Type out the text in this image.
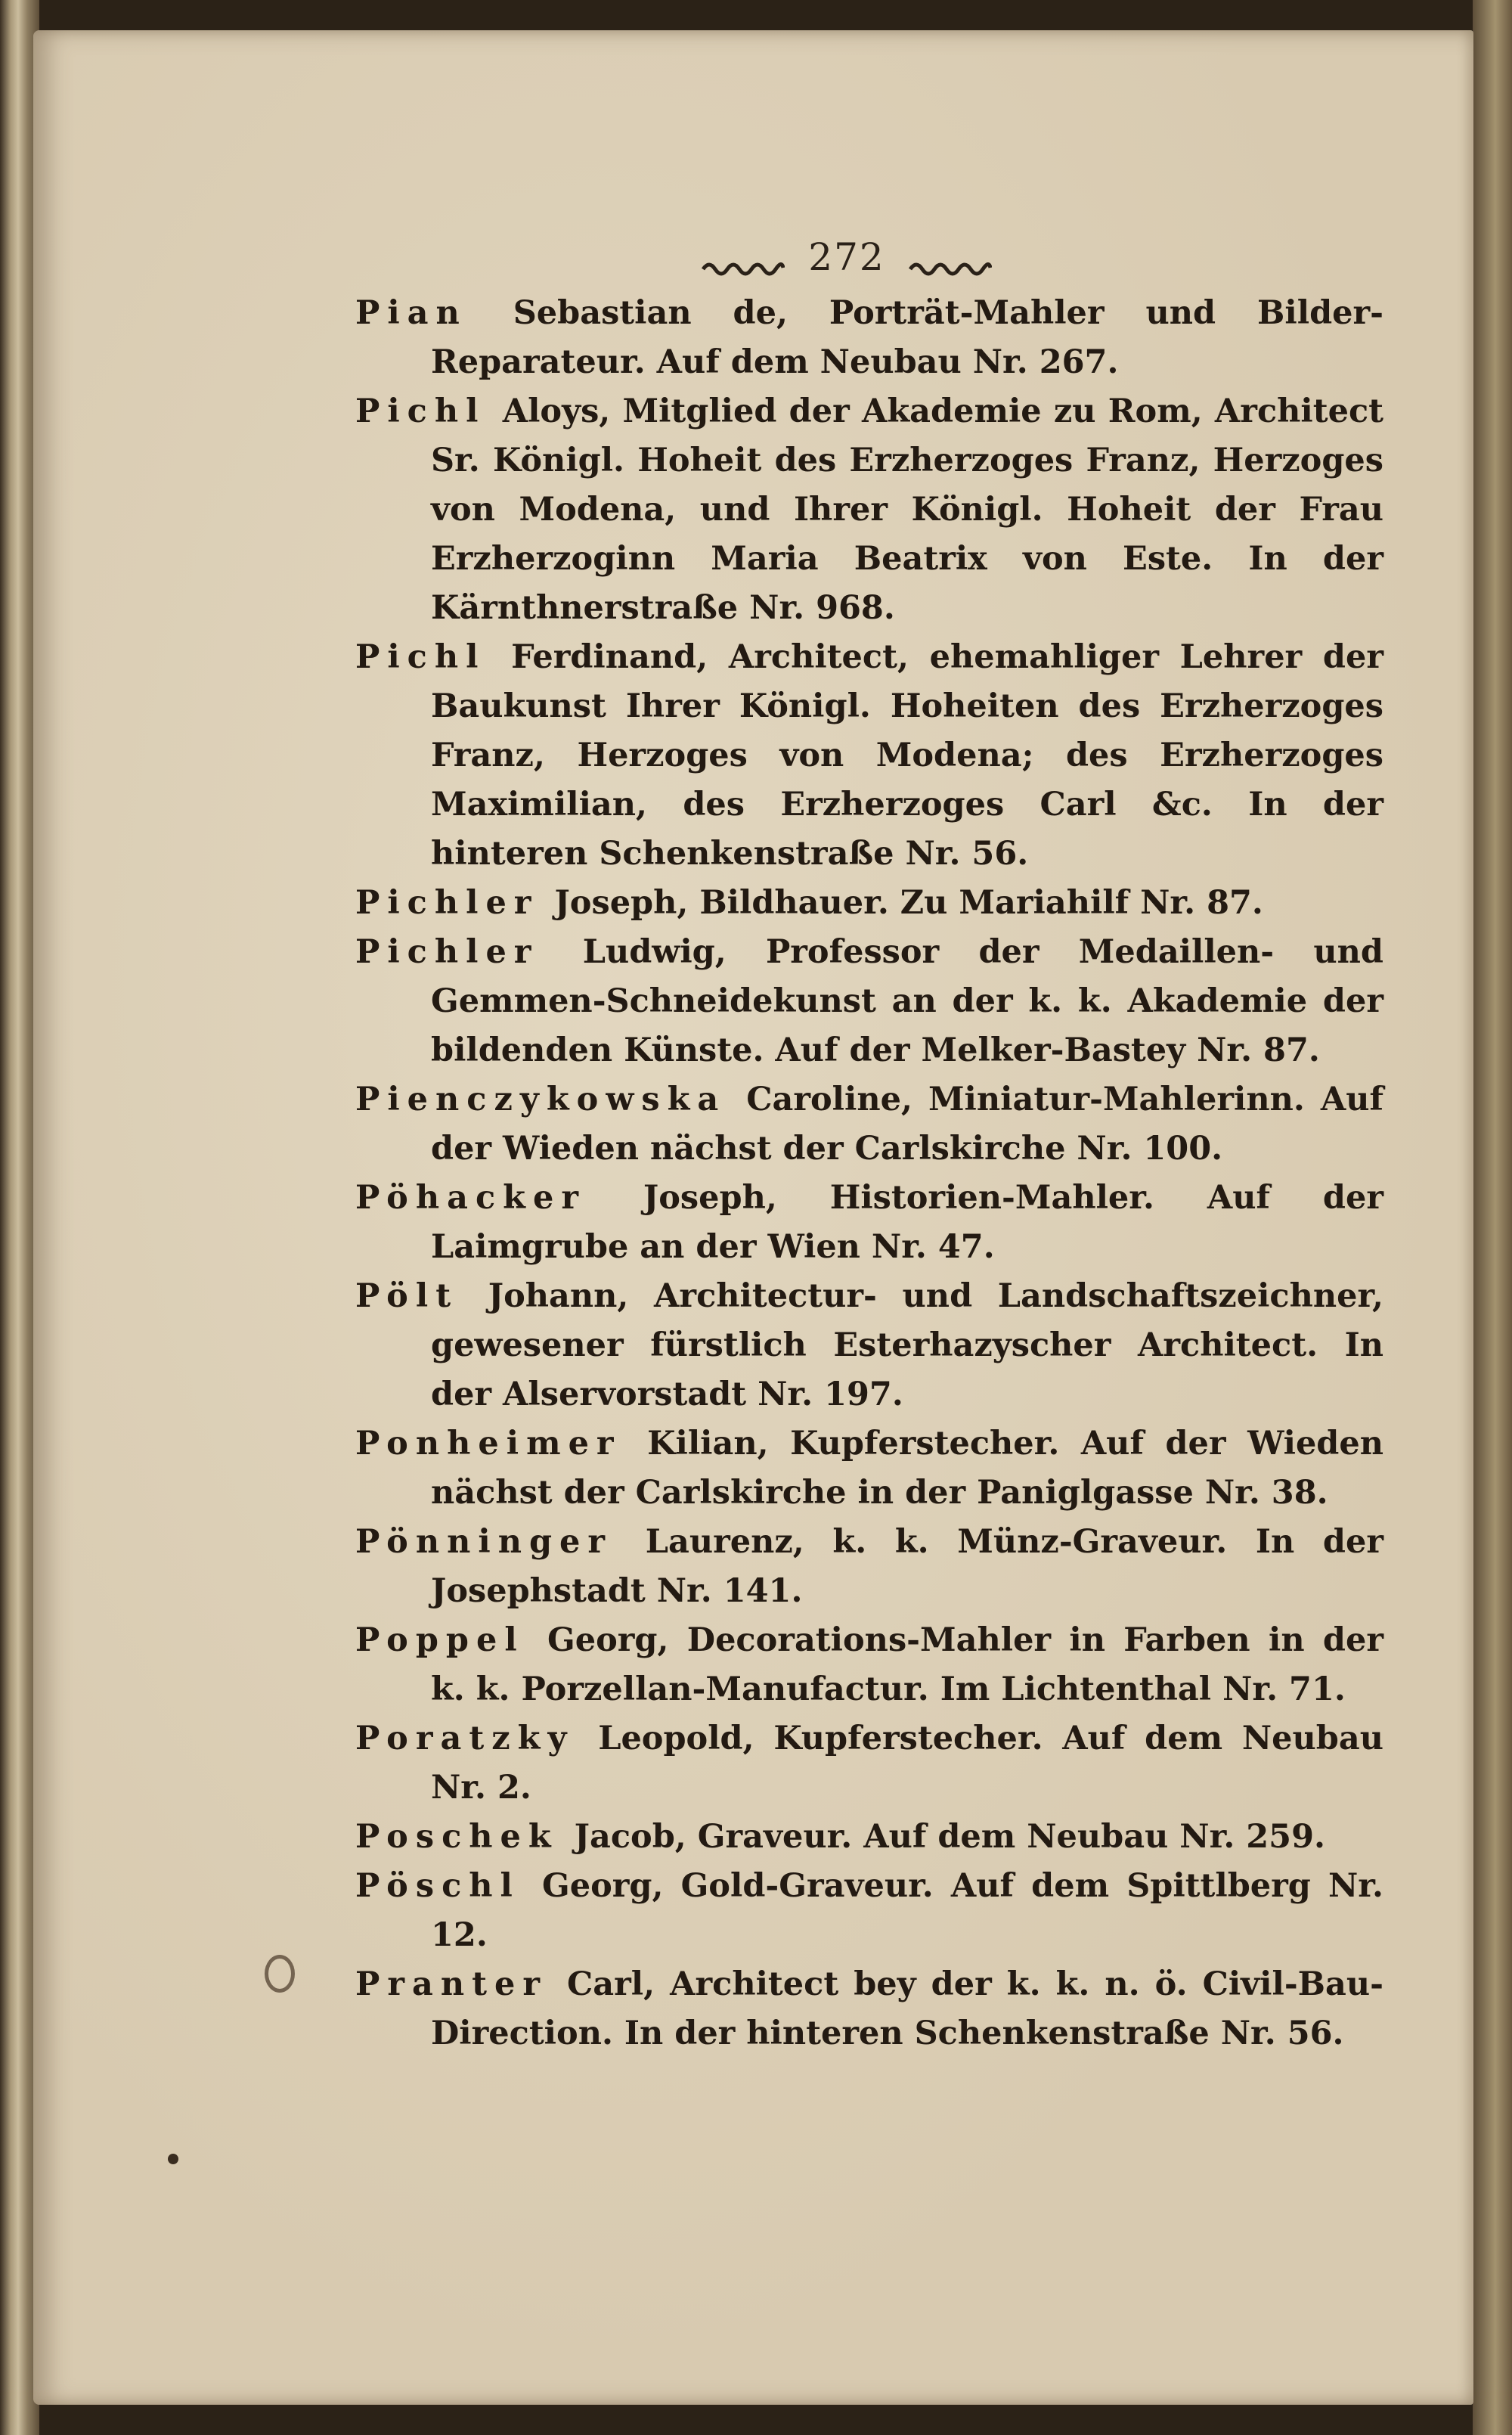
272

Pian Sebastian de, Porträt-Mahler und Bilder-Reparateur. Auf dem Neubau Nr. 267.

Pichl Aloys, Mitglied der Akademie zu Rom, Architect Sr. Königl. Hoheit des Erzherzoges Franz, Herzoges von Modena, und Ihrer Königl. Hoheit der Frau Erzherzoginn Maria Beatrix von Este. In der Kärnthnerstraße Nr. 968.

Pichl Ferdinand, Architect, ehemahliger Lehrer der Baukunst Ihrer Königl. Hoheiten des Erzherzoges Franz, Herzoges von Modena; des Erzherzoges Maximilian, des Erzherzoges Carl &c. In der hinteren Schenkenstraße Nr. 56.

Pichler Joseph, Bildhauer. Zu Mariahilf Nr. 87.

Pichler Ludwig, Professor der Medaillen- und Gemmen-Schneidekunst an der k. k. Akademie der bildenden Künste. Auf der Melker-Bastey Nr. 87.

Pienczykowska Caroline, Miniatur-Mahlerinn. Auf der Wieden nächst der Carlskirche Nr. 100.

Pöhacker Joseph, Historien-Mahler. Auf der Laimgrube an der Wien Nr. 47.

Pölt Johann, Architectur- und Landschaftszeichner, gewesener fürstlich Esterhazyscher Architect. In der Alservorstadt Nr. 197.

Ponheimer Kilian, Kupferstecher. Auf der Wieden nächst der Carlskirche in der Paniglgasse Nr. 38.

Pönninger Laurenz, k. k. Münz-Graveur. In der Josephstadt Nr. 141.

Poppel Georg, Decorations-Mahler in Farben in der k. k. Porzellan-Manufactur. Im Lichtenthal Nr. 71.

Poratzky Leopold, Kupferstecher. Auf dem Neubau Nr. 2.

Poschek Jacob, Graveur. Auf dem Neubau Nr. 259.

Pöschl Georg, Gold-Graveur. Auf dem Spittlberg Nr. 12.

Pranter Carl, Architect bey der k. k. n. ö. Civil-Bau-Direction. In der hinteren Schenkenstraße Nr. 56.
